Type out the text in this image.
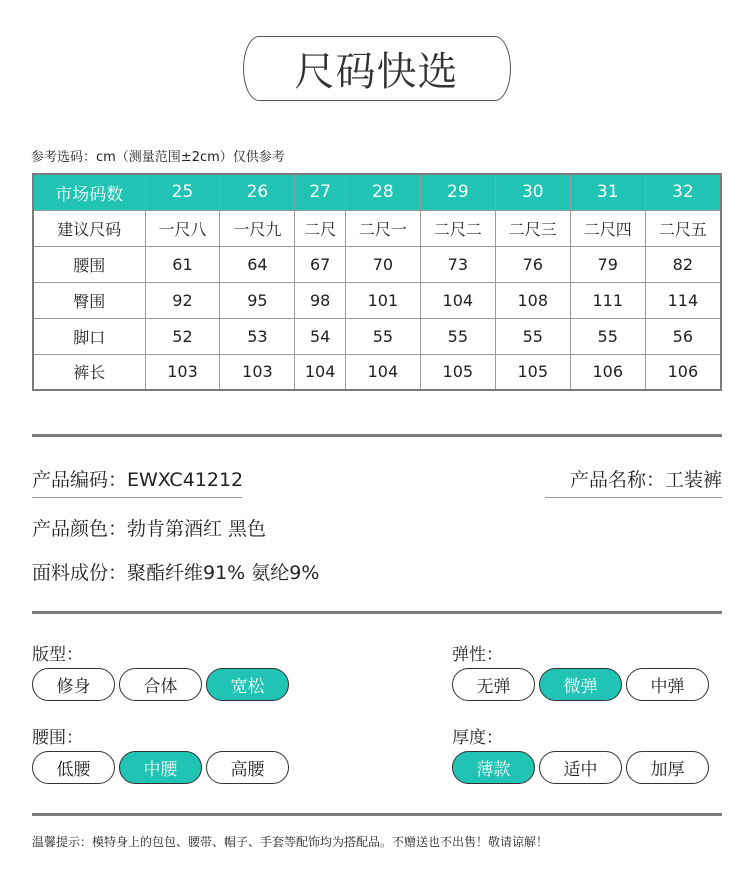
尺码快选
参考选码：cm（测量范围±2cm）仅供参考
市场码数	25	26	27	28	29	30	31	32
建议尺码	一尺八	一尺九	二尺	二尺一	二尺二	二尺三	二尺四	二尺五
腰围	61	64	67	70	73	76	79	82
臀围	92	95	98	101	104	108	111	114
脚口	52	53	54	55	55	55	55	56
裤长	103	103	104	104	105	105	106	106
产品编码：EWXC41212	产品名称：工装裤
产品颜色：勃肯第酒红 黑色
面料成份：聚酯纤维91% 氨纶9%
版型：
修身	合体	宽松
弹性：
无弹	微弹	中弹
腰围：
低腰	中腰	高腰
厚度：
薄款	适中	加厚
温馨提示：模特身上的包包、腰带、帽子、手套等配饰均为搭配品。不赠送也不出售！敬请谅解！
